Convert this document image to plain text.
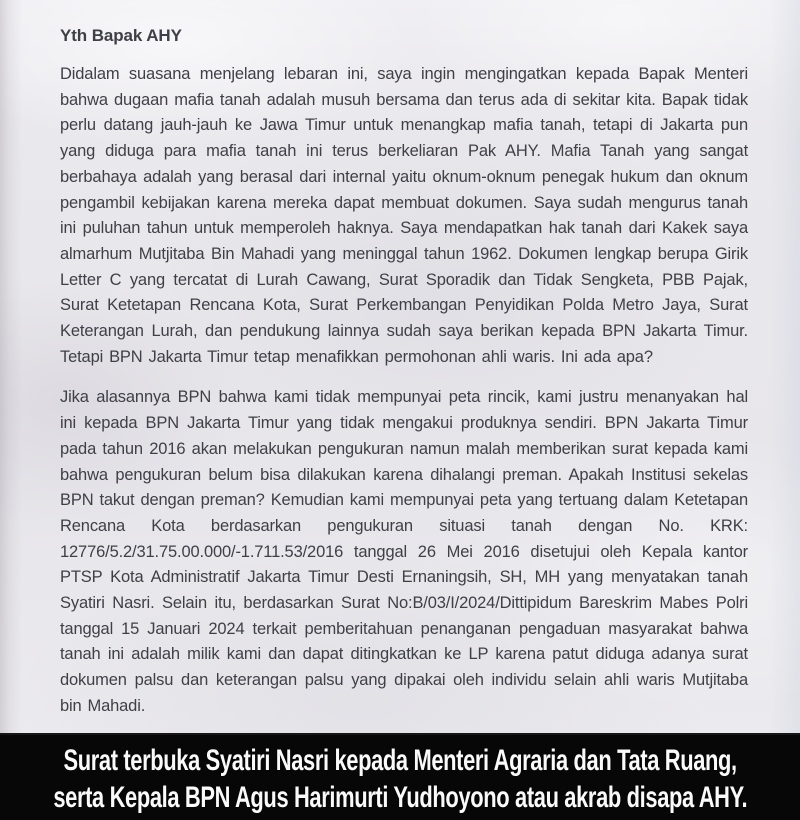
Yth Bapak AHY

Didalam suasana menjelang lebaran ini, saya ingin mengingatkan kepada Bapak Menteri bahwa dugaan mafia tanah adalah musuh bersama dan terus ada di sekitar kita. Bapak tidak perlu datang jauh-jauh ke Jawa Timur untuk menangkap mafia tanah, tetapi di Jakarta pun yang diduga para mafia tanah ini terus berkeliaran Pak AHY. Mafia Tanah yang sangat berbahaya adalah yang berasal dari internal yaitu oknum-oknum penegak hukum dan oknum pengambil kebijakan karena mereka dapat membuat dokumen. Saya sudah mengurus tanah ini puluhan tahun untuk memperoleh haknya. Saya mendapatkan hak tanah dari Kakek saya almarhum Mutjitaba Bin Mahadi yang meninggal tahun 1962. Dokumen lengkap berupa Girik Letter C yang tercatat di Lurah Cawang, Surat Sporadik dan Tidak Sengketa, PBB Pajak, Surat Ketetapan Rencana Kota, Surat Perkembangan Penyidikan Polda Metro Jaya, Surat Keterangan Lurah, dan pendukung lainnya sudah saya berikan kepada BPN Jakarta Timur. Tetapi BPN Jakarta Timur tetap menafikkan permohonan ahli waris. Ini ada apa?

Jika alasannya BPN bahwa kami tidak mempunyai peta rincik, kami justru menanyakan hal ini kepada BPN Jakarta Timur yang tidak mengakui produknya sendiri. BPN Jakarta Timur pada tahun 2016 akan melakukan pengukuran namun malah memberikan surat kepada kami bahwa pengukuran belum bisa dilakukan karena dihalangi preman. Apakah Institusi sekelas BPN takut dengan preman? Kemudian kami mempunyai peta yang tertuang dalam Ketetapan Rencana Kota berdasarkan pengukuran situasi tanah dengan No. KRK: 12776/5.2/31.75.00.000/-1.711.53/2016 tanggal 26 Mei 2016 disetujui oleh Kepala kantor PTSP Kota Administratif Jakarta Timur Desti Ernaningsih, SH, MH yang menyatakan tanah Syatiri Nasri. Selain itu, berdasarkan Surat No:B/03/I/2024/Dittipidum Bareskrim Mabes Polri tanggal 15 Januari 2024 terkait pemberitahuan penanganan pengaduan masyarakat bahwa tanah ini adalah milik kami dan dapat ditingkatkan ke LP karena patut diduga adanya surat dokumen palsu dan keterangan palsu yang dipakai oleh individu selain ahli waris Mutjitaba bin Mahadi.

Surat terbuka Syatiri Nasri kepada Menteri Agraria dan Tata Ruang,
serta Kepala BPN Agus Harimurti Yudhoyono atau akrab disapa AHY.
